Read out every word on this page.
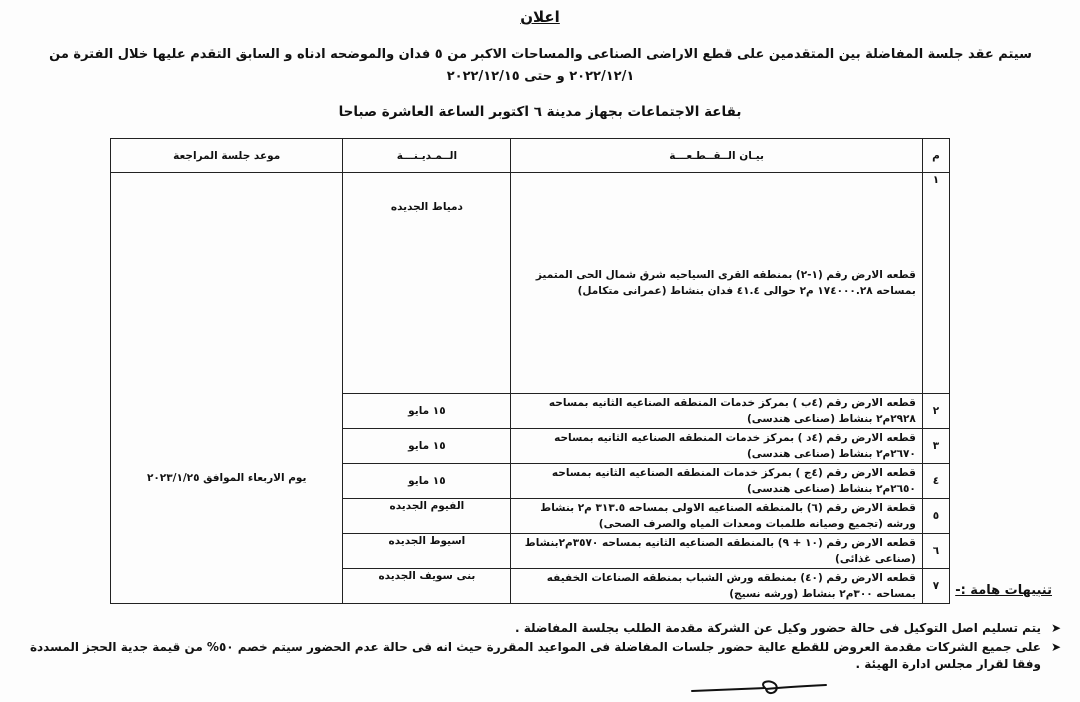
اعلان
سيتم عقد جلسة المفاضلة بين المتقدمين على قطع الاراضى الصناعى والمساحات الاكبر من ٥ فدان والموضحه ادناه و السابق التقدم عليها خلال الفترة من ٢٠٢٢/١٢/١ و حتى ٢٠٢٢/١٢/١٥
بقاعة الاجتماعات بجهاز مدينة ٦ اكتوبر الساعة العاشرة صباحا
م	بيـان الــقــطـعـــة	الــمـديـنـــة	موعد جلسة المراجعة
١	قطعه الارض رقم (١-٢) بمنطقه القرى السياحيه شرق شمال الحى المتميز بمساحه ١٧٤٠٠٠.٢٨ م٢ حوالى ٤١.٤ فدان بنشاط (عمرانى متكامل)	دمياط الجديده	يوم الاربعاء الموافق ٢٠٢٣/١/٢٥
٢	قطعه الارض رقم (٤ب ) بمركز خدمات المنطقه الصناعيه الثانيه بمساحه ٢٩٢٨م٢ بنشاط (صناعى هندسى)	١٥ مايو	
٣	قطعه الارض رقم (٤د ) بمركز خدمات المنطقه الصناعيه الثانيه بمساحه ٢٦٧٠م٢ بنشاط (صناعى هندسى)	١٥ مايو	
٤	قطعه الارض رقم (٤ج ) بمركز خدمات المنطقه الصناعيه الثانيه بمساحه ٢٦٥٠م٢ بنشاط (صناعى هندسى)	١٥ مايو	
٥	قطعة الارض رقم (٦) بالمنطقه الصناعيه الاولى بمساحه ٣١٣.٥ م٢ بنشاط ورشه (تجميع وصيانه طلمبات ومعدات المياه والصرف الصحى)	الفيوم الجديده	
٦	قطعه الارض رقم (١٠ + ٩) بالمنطقه الصناعيه الثانيه بمساحه ٣٥٧٠م٢بنشاط (صناعى غذائى)	اسيوط الجديده	
٧	قطعه الارض رقم (٤٠) بمنطقه ورش الشباب بمنطقه الصناعات الخفيفه بمساحه ٣٠٠م٢ بنشاط (ورشه نسيج)	بنى سويف الجديده	
تنبيهات هامة :-
➤
يتم تسليم اصل التوكيل فى حالة حضور وكيل عن الشركة مقدمة الطلب بجلسة المفاضلة .
➤
على جميع الشركات مقدمة العروض للقطع عالية حضور جلسات المفاضلة فى المواعيد المقررة حيث انه فى حالة عدم الحضور سيتم خصم ٥٠% من قيمة جدية الحجز المسددة وفقا لقرار مجلس ادارة الهيئة .
